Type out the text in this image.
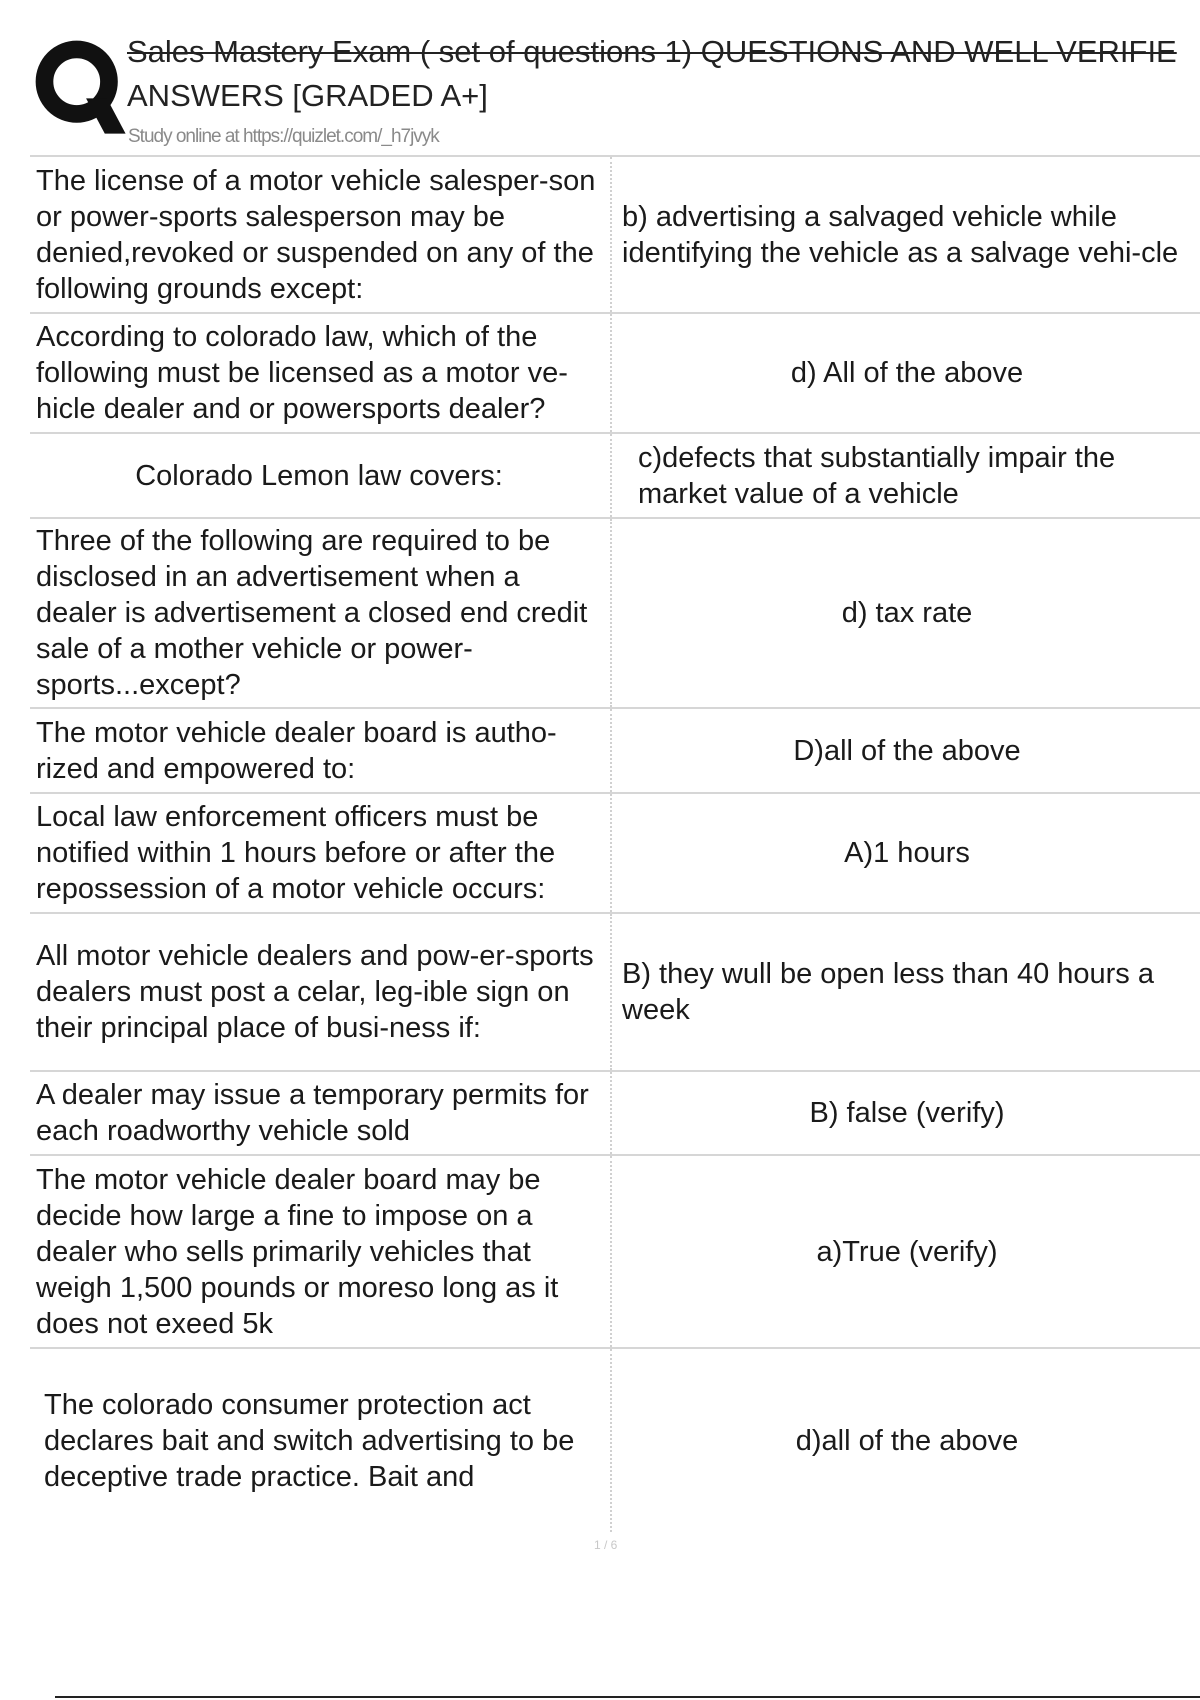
Sales Mastery Exam ( set of questions 1) QUESTIONS AND WELL VERIFIE
ANSWERS [GRADED A+]
Study online at https://quizlet.com/_h7jvyk
The license of a motor vehicle salesper-son or power-sports salesperson may be denied,revoked or suspended on any of the following grounds except:
b) advertising a salvaged vehicle while identifying the vehicle as a salvage vehi-cle
According to colorado law, which of the following must be licensed as a motor ve-hicle dealer and or powersports dealer?
d) All of the above
Colorado Lemon law covers:
c)defects that substantially impair the market value of a vehicle
Three of the following are required to be disclosed in an advertisement when a dealer is advertisement a closed end credit sale of a mother vehicle or power-sports...except?
d) tax rate
The motor vehicle dealer board is autho-rized and empowered to:
D)all of the above
Local law enforcement officers must be notified within 1 hours before or after the repossession of a motor vehicle occurs:
A)1 hours
All motor vehicle dealers and pow-er-sports dealers must post a celar, leg-ible sign on their principal place of busi-ness if:
B) they wull be open less than 40 hours a week
A dealer may issue a temporary permits for each roadworthy vehicle sold
B) false (verify)
The motor vehicle dealer board may be decide how large a fine to impose on a dealer who sells primarily vehicles that weigh 1,500 pounds or moreso long as it does not exeed 5k
a)True (verify)
The colorado consumer protection act declares bait and switch advertising to be deceptive trade practice. Bait and
d)all of the above
1 / 6
